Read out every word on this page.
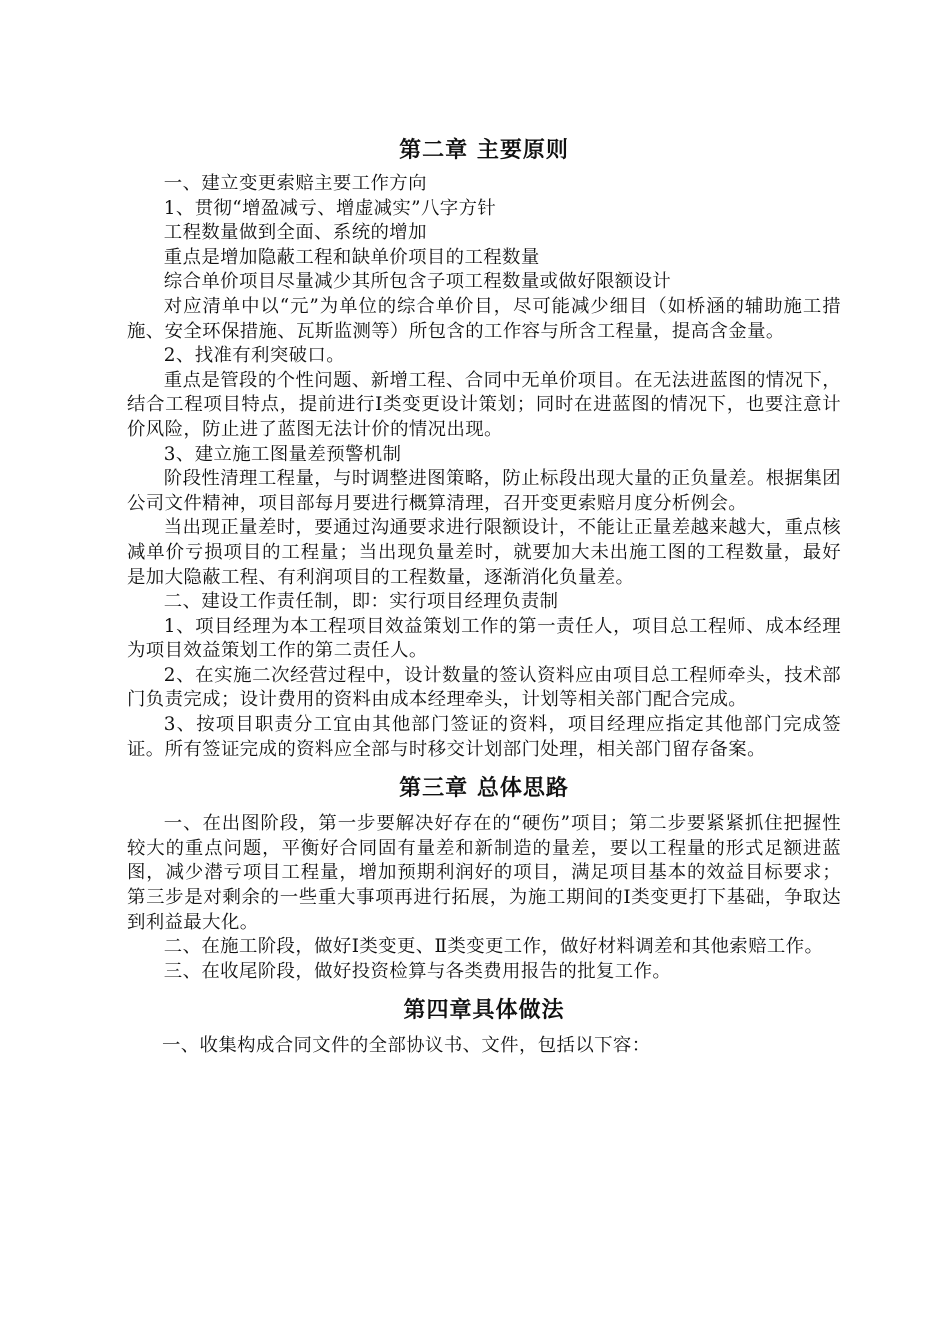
第二章 主要原则

一、建立变更索赔主要工作方向

1、贯彻“增盈减亏、增虚减实”八字方针

工程数量做到全面、系统的增加

重点是增加隐蔽工程和缺单价项目的工程数量

综合单价项目尽量减少其所包含子项工程数量或做好限额设计

对应清单中以“元”为单位的综合单价目，尽可能减少细目（如桥涵的辅助施工措施、安全环保措施、瓦斯监测等）所包含的工作容与所含工程量，提高含金量。

2、找准有利突破口。

重点是管段的个性问题、新增工程、合同中无单价项目。在无法进蓝图的情况下，结合工程项目特点，提前进行Ⅰ类变更设计策划；同时在进蓝图的情况下，也要注意计价风险，防止进了蓝图无法计价的情况出现。

3、建立施工图量差预警机制

阶段性清理工程量，与时调整进图策略，防止标段出现大量的正负量差。根据集团公司文件精神，项目部每月要进行概算清理，召开变更索赔月度分析例会。

当出现正量差时，要通过沟通要求进行限额设计，不能让正量差越来越大，重点核减单价亏损项目的工程量；当出现负量差时，就要加大未出施工图的工程数量，最好是加大隐蔽工程、有利润项目的工程数量，逐渐消化负量差。

二、建设工作责任制，即：实行项目经理负责制

1、项目经理为本工程项目效益策划工作的第一责任人，项目总工程师、成本经理为项目效益策划工作的第二责任人。

2、在实施二次经营过程中，设计数量的签认资料应由项目总工程师牵头，技术部门负责完成；设计费用的资料由成本经理牵头，计划等相关部门配合完成。

3、按项目职责分工宜由其他部门签证的资料，项目经理应指定其他部门完成签证。所有签证完成的资料应全部与时移交计划部门处理，相关部门留存备案。

第三章 总体思路

一、在出图阶段，第一步要解决好存在的“硬伤”项目；第二步要紧紧抓住把握性较大的重点问题，平衡好合同固有量差和新制造的量差，要以工程量的形式足额进蓝图，减少潜亏项目工程量，增加预期利润好的项目，满足项目基本的效益目标要求；第三步是对剩余的一些重大事项再进行拓展，为施工期间的Ⅰ类变更打下基础，争取达到利益最大化。

二、在施工阶段，做好Ⅰ类变更、Ⅱ类变更工作，做好材料调差和其他索赔工作。

三、在收尾阶段，做好投资检算与各类费用报告的批复工作。

第四章具体做法

一、收集构成合同文件的全部协议书、文件，包括以下容：
